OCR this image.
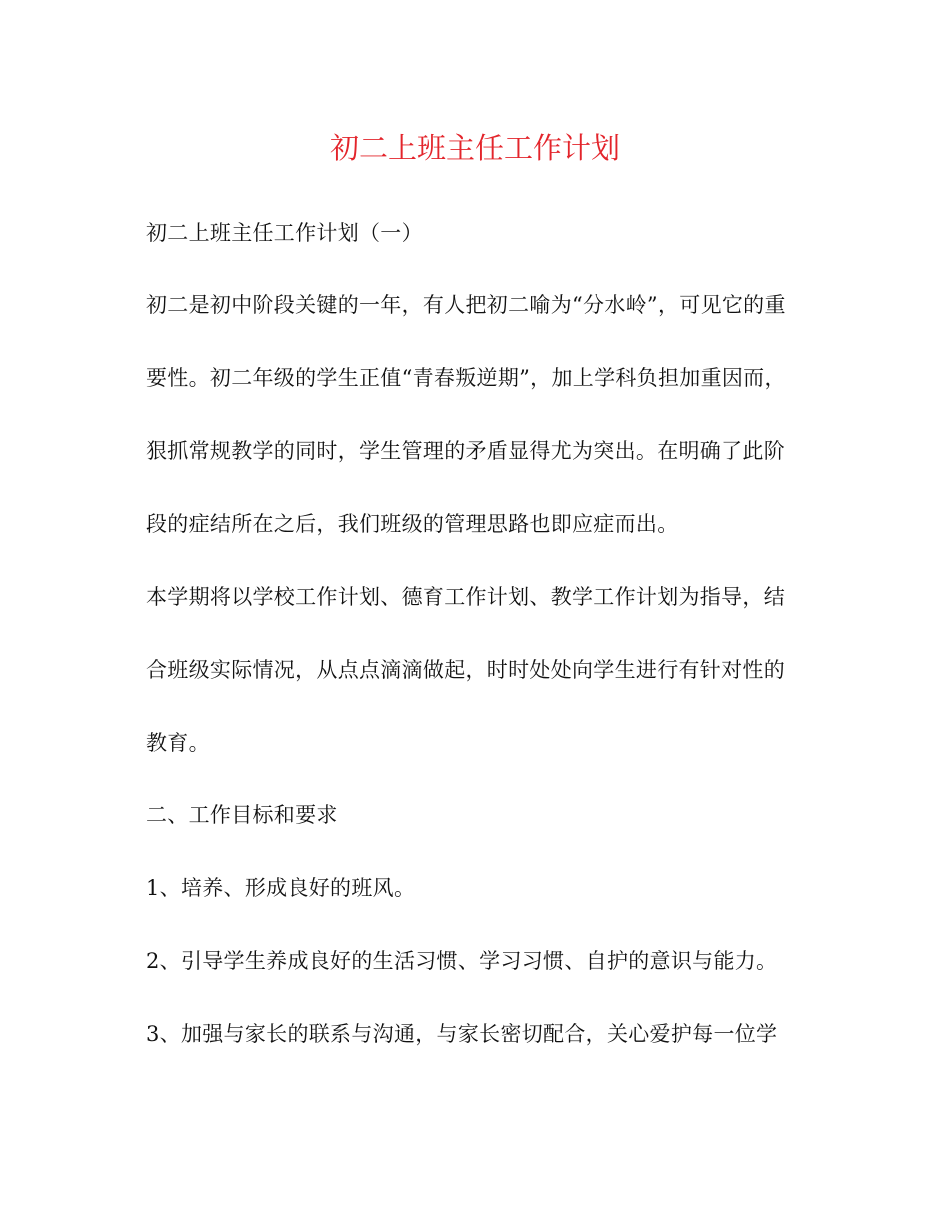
初二上班主任工作计划
初二上班主任工作计划（一）
初二是初中阶段关键的一年，有人把初二喻为“分水岭”，可见它的重
要性。初二年级的学生正值“青春叛逆期”，加上学科负担加重因而，
狠抓常规教学的同时，学生管理的矛盾显得尤为突出。在明确了此阶
段的症结所在之后，我们班级的管理思路也即应症而出。
本学期将以学校工作计划、德育工作计划、教学工作计划为指导，结
合班级实际情况，从点点滴滴做起，时时处处向学生进行有针对性的
教育。
二、工作目标和要求
1、培养、形成良好的班风。
2、引导学生养成良好的生活习惯、学习习惯、自护的意识与能力。
3、加强与家长的联系与沟通，与家长密切配合，关心爱护每一位学
